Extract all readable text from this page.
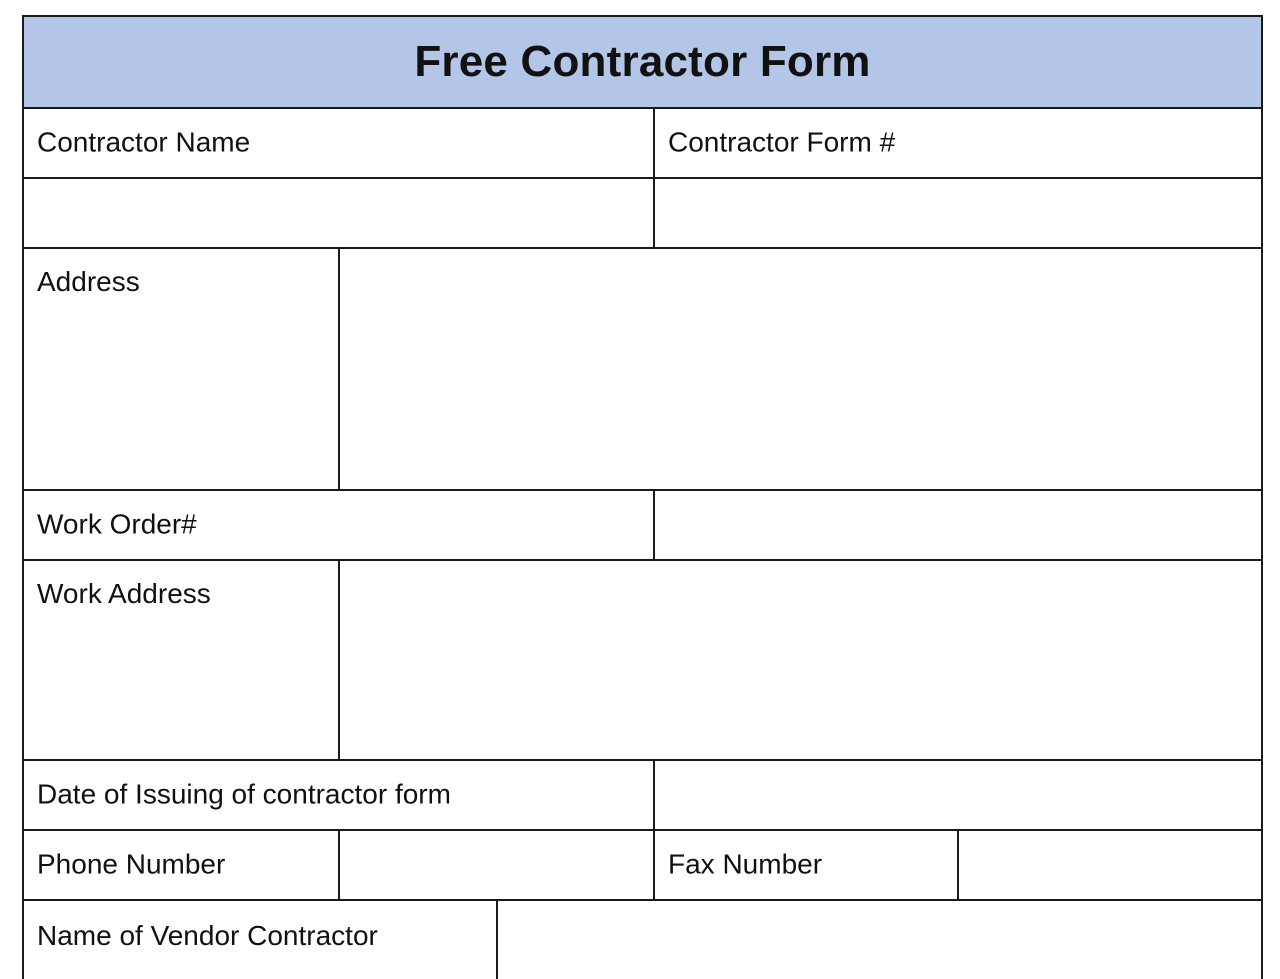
Free Contractor Form
Contractor Name	Contractor Form #
Address
Work Order#
Work Address
Date of Issuing of contractor form
Phone Number	Fax Number
Name of Vendor Contractor
